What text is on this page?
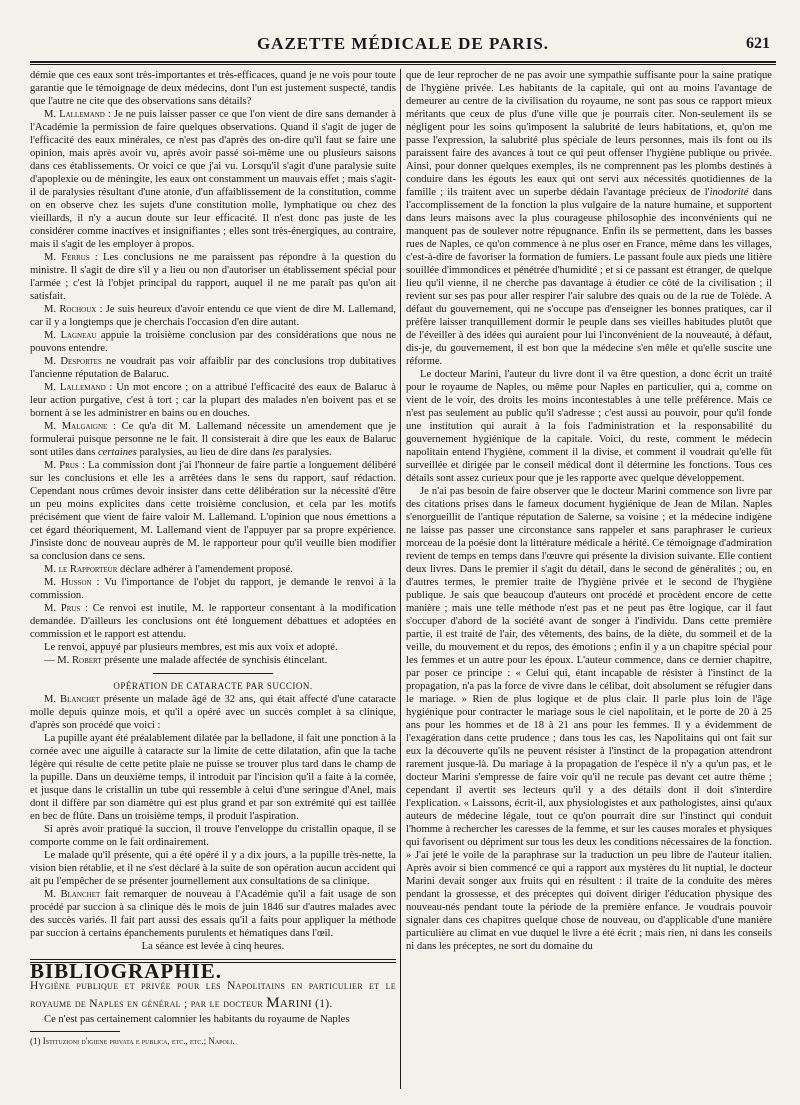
GAZETTE MÉDICALE DE PARIS.	621

démie que ces eaux sont très-importantes et très-efficaces, quand je ne vois pour toute garantie que le témoignage de deux médecins, dont l'un est justement suspecté, tandis que l'autre ne cite que des observations sans détails?

M. Lallemand : Je ne puis laisser passer ce que l'on vient de dire sans demander à l'Académie la permission de faire quelques observations. Quand il s'agit de juger de l'efficacité des eaux minérales, ce n'est pas d'après des on-dire qu'il faut se faire une opinion, mais après avoir vu, après avoir passé soi-même une ou plusieurs saisons dans ces établissements. Or voici ce que j'ai vu. Lorsqu'il s'agit d'une paralysie suite d'apoplexie ou de méningite, les eaux ont constamment un mauvais effet ; mais s'agit-il de paralysies résultant d'une atonie, d'un affaiblissement de la constitution, comme on en observe chez les sujets d'une constitution molle, lymphatique ou chez des vieillards, il n'y a aucun doute sur leur efficacité. Il n'est donc pas juste de les considérer comme inactives et insignifiantes ; elles sont très-énergiques, au contraire, mais il s'agit de les employer à propos.

M. Ferrus : Les conclusions ne me paraissent pas répondre à la question du ministre. Il s'agit de dire s'il y a lieu ou non d'autoriser un établissement spécial pour l'armée ; c'est là l'objet principal du rapport, auquel il ne me paraît pas qu'on ait satisfait.

M. Rochoux : Je suis heureux d'avoir entendu ce que vient de dire M. Lallemand, car il y a longtemps que je cherchais l'occasion d'en dire autant.

M. Lagneau appuie la troisième conclusion par des considérations que nous ne pouvons entendre.

M. Desportes ne voudrait pas voir affaiblir par des conclusions trop dubitatives l'ancienne réputation de Balaruc.

M. Lallemand : Un mot encore ; on a attribué l'efficacité des eaux de Balaruc à leur action purgative, c'est à tort ; car la plupart des malades n'en boivent pas et se bornent à se les administrer en bains ou en douches.

M. Malgaigne : Ce qu'a dit M. Lallemand nécessite un amendement que je formulerai puisque personne ne le fait. Il consisterait à dire que les eaux de Balaruc sont utiles dans certaines paralysies, au lieu de dire dans les paralysies.

M. Prus : La commission dont j'ai l'honneur de faire partie a longuement délibéré sur les conclusions et elle les a arrêtées dans le sens du rapport, sauf rédaction. Cependant nous crûmes devoir insister dans cette délibération sur la nécessité d'être un peu moins explicites dans cette troisième conclusion, et cela par les motifs précisément que vient de faire valoir M. Lallemand. L'opinion que nous émettions a cet égard théoriquement, M. Lallemand vient de l'appuyer par sa propre expérience. J'insiste donc de nouveau auprès de M. le rapporteur pour qu'il veuille bien modifier sa conclusion dans ce sens.

M. le Rapporteur déclare adhérer à l'amendement proposé.

M. Husson : Vu l'importance de l'objet du rapport, je demande le renvoi à la commission.

M. Prus : Ce renvoi est inutile, M. le rapporteur consentant à la modification demandée. D'ailleurs les conclusions ont été longuement débattues et adoptées en commission et le rapport est attendu.

Le renvoi, appuyé par plusieurs membres, est mis aux voix et adopté.

— M. Robert présente une malade affectée de synchisis étincelant.

OPÉRATION DE CATARACTE PAR SUCCION.

M. Blanchet présente un malade âgé de 32 ans, qui était affecté d'une cataracte molle depuis quinze mois, et qu'il a opéré avec un succès complet à sa clinique, d'après son procédé que voici :

La pupille ayant été préalablement dilatée par la belladone, il fait une ponction à la cornée avec une aiguille à cataracte sur la limite de cette dilatation, afin que la tache légère qui résulte de cette petite plaie ne puisse se trouver plus tard dans le champ de la pupille. Dans un deuxième temps, il introduit par l'incision qu'il a faite à la cornée, et jusque dans le cristallin un tube qui ressemble à celui d'une seringue d'Anel, mais dont il diffère par son diamètre qui est plus grand et par son extrémité qui est taillée en bec de flûte. Dans un troisième temps, il produit l'aspiration.

Si après avoir pratiqué la succion, il trouve l'enveloppe du cristallin opaque, il se comporte comme on le fait ordinairement.

Le malade qu'il présente, qui a été opéré il y a dix jours, a la pupille très-nette, la vision bien rétablie, et il ne s'est déclaré à la suite de son opération aucun accident qui ait pu l'empêcher de se présenter journellement aux consultations de sa clinique.

M. Blanchet fait remarquer de nouveau à l'Académie qu'il a fait usage de son procédé par succion à sa clinique dès le mois de juin 1846 sur d'autres malades avec des succès variés. Il fait part aussi des essais qu'il a faits pour appliquer la méthode par succion à certains épanchements purulents et hématiques dans l'œil.

La séance est levée à cinq heures.

BIBLIOGRAPHIE.

Hygiène publique et privée pour les Napolitains en particulier et le royaume de Naples en général ; par le docteur Marini (1).

Ce n'est pas certainement calomnier les habitants du royaume de Naples

(1) Istituzioni d'igiene privata e publica, etc., etc.; Napoli.

que de leur reprocher de ne pas avoir une sympathie suffisante pour la saine pratique de l'hygiène privée. Les habitants de la capitale, qui ont au moins l'avantage de demeurer au centre de la civilisation du royaume, ne sont pas sous ce rapport mieux méritants que ceux de plus d'une ville que je pourrais citer. Non-seulement ils se négligent pour les soins qu'imposent la salubrité de leurs habitations, et, qu'on me passe l'expression, la salubrité plus spéciale de leurs personnes, mais ils font ou ils paraissent faire des avances à tout ce qui peut offenser l'hygiène publique ou privée. Ainsi, pour donner quelques exemples, ils ne comprennent pas les plombs destinés à conduire dans les égouts les eaux qui ont servi aux nécessités quotidiennes de la famille ; ils traitent avec un superbe dédain l'avantage précieux de l'inodorité dans l'accomplissement de la fonction la plus vulgaire de la nature humaine, et supportent dans leurs maisons avec la plus courageuse philosophie des inconvénients qui ne manquent pas de soulever notre répugnance. Enfin ils se permettent, dans les basses rues de Naples, ce qu'on commence à ne plus oser en France, même dans les villages, c'est-à-dire de favoriser la formation de fumiers. Le passant foule aux pieds une litière souillée d'immondices et pénétrée d'humidité ; et si ce passant est étranger, de quelque lieu qu'il vienne, il ne cherche pas davantage à étudier ce côté de la civilisation ; il revient sur ses pas pour aller respirer l'air salubre des quais ou de la rue de Tolède. A défaut du gouvernement, qui ne s'occupe pas d'enseigner les bonnes pratiques, car il préfère laisser tranquillement dormir le peuple dans ses vieilles habitudes plutôt que de l'éveiller à des idées qui auraient pour lui l'inconvénient de la nouveauté, à défaut, dis-je, du gouvernement, il est bon que la médecine s'en mêle et qu'elle suscite une réforme.

Le docteur Marini, l'auteur du livre dont il va être question, a donc écrit un traité pour le royaume de Naples, ou même pour Naples en particulier, qui a, comme on vient de le voir, des droits les moins incontestables à une telle préférence. Mais ce n'est pas seulement au public qu'il s'adresse ; c'est aussi au pouvoir, pour qu'il fonde une institution qui aurait à la fois l'administration et la responsabilité du gouvernement hygiénique de la capitale. Voici, du reste, comment le médecin napolitain entend l'hygiène, comment il la divise, et comment il voudrait qu'elle fût surveillée et dirigée par le conseil médical dont il détermine les fonctions. Tous ces détails sont assez curieux pour que je les rapporte avec quelque développement.

Je n'ai pas besoin de faire observer que le docteur Marini commence son livre par des citations prises dans le fameux document hygiénique de Jean de Milan. Naples s'enorgueillit de l'antique réputation de Salerne, sa voisine ; et la médecine indigène ne laisse pas passer une circonstance sans rappeler et sans paraphraser le curieux morceau de la poésie dont la littérature médicale a hérité. Ce témoignage d'admiration revient de temps en temps dans l'œuvre qui présente la division suivante. Elle contient deux livres. Dans le premier il s'agit du détail, dans le second de généralités ; ou, en d'autres termes, le premier traite de l'hygiène privée et le second de l'hygiène publique. Je sais que beaucoup d'auteurs ont procédé et procèdent encore de cette manière ; mais une telle méthode n'est pas et ne peut pas être logique, car il faut s'occuper d'abord de la société avant de songer à l'individu. Dans cette première partie, il est traité de l'air, des vêtements, des bains, de la diète, du sommeil et de la veille, du mouvement et du repos, des émotions ; enfin il y a un chapitre spécial pour les femmes et un autre pour les époux. L'auteur commence, dans ce dernier chapitre, par poser ce principe : « Celui qui, étant incapable de résister à l'instinct de la propagation, n'a pas la force de vivre dans le célibat, doit absolument se réfugier dans le mariage. » Rien de plus logique et de plus clair. Il parle plus loin de l'âge hygiénique pour contracter le mariage sous le ciel napolitain, et le porte de 20 à 25 ans pour les hommes et de 18 à 21 ans pour les femmes. Il y a évidemment de l'exagération dans cette prudence ; dans tous les cas, les Napolitains qui ont fait sur eux la découverte qu'ils ne peuvent résister à l'instinct de la propagation attendront rarement jusque-là. Du mariage à la propagation de l'espèce il n'y a qu'un pas, et le docteur Marini s'empresse de faire voir qu'il ne recule pas devant cet autre thème ; cependant il avertit ses lecteurs qu'il y a des détails dont il doit s'interdire l'explication. « Laissons, écrit-il, aux physiologistes et aux pathologistes, ainsi qu'aux auteurs de médecine légale, tout ce qu'on pourrait dire sur l'instinct qui conduit l'homme à rechercher les caresses de la femme, et sur les causes morales et physiques qui favorisent ou dépriment sur tous les deux les conditions nécessaires de la fonction. » J'ai jeté le voile de la paraphrase sur la traduction un peu libre de l'auteur italien. Après avoir si bien commencé ce qui a rapport aux mystères du lit nuptial, le docteur Marini devait songer aux fruits qui en résultent : il traite de la conduite des mères pendant la grossesse, et des préceptes qui doivent diriger l'éducation physique des nouveau-nés pendant toute la période de la première enfance. Je voudrais pouvoir signaler dans ces chapitres quelque chose de nouveau, ou d'applicable d'une manière particulière au climat en vue duquel le livre a été écrit ; mais rien, ni dans les conseils ni dans les préceptes, ne sort du domaine du
